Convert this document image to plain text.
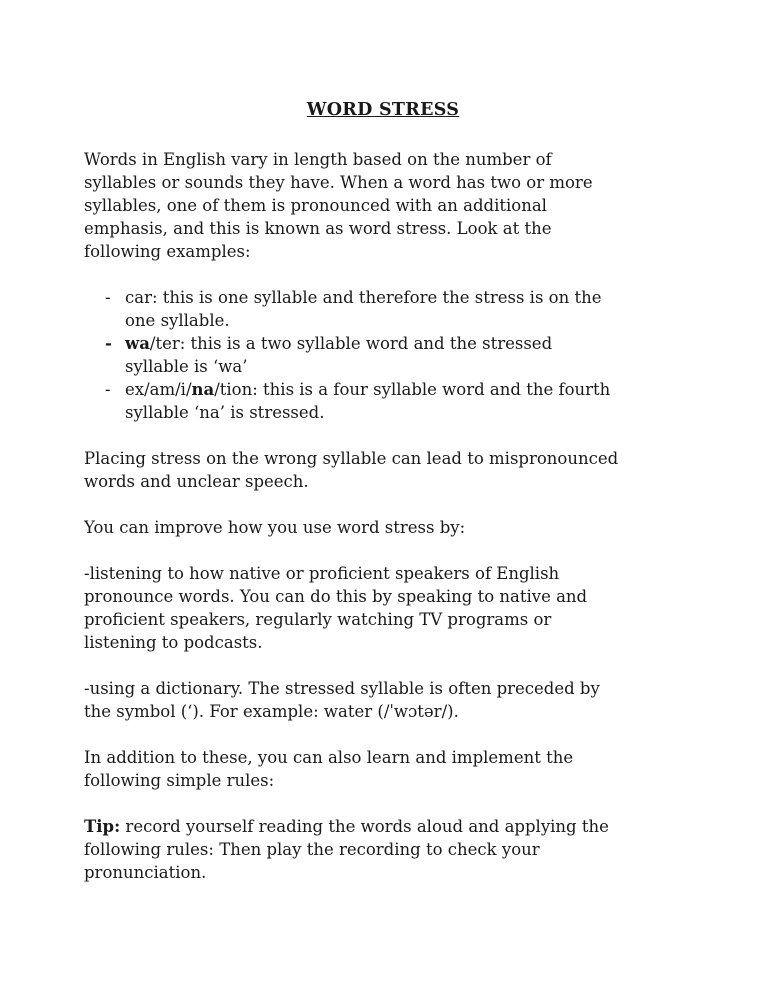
WORD STRESS

Words in English vary in length based on the number of syllables or sounds they have. When a word has two or more syllables, one of them is pronounced with an additional emphasis, and this is known as word stress. Look at the following examples:

- car: this is one syllable and therefore the stress is on the one syllable.
- wa/ter: this is a two syllable word and the stressed syllable is ‘wa’
- ex/am/i/na/tion: this is a four syllable word and the fourth syllable ‘na’ is stressed.

Placing stress on the wrong syllable can lead to mispronounced words and unclear speech.

You can improve how you use word stress by:

-listening to how native or proficient speakers of English pronounce words. You can do this by speaking to native and proficient speakers, regularly watching TV programs or listening to podcasts.

-using a dictionary. The stressed syllable is often preceded by the symbol (‘). For example: water (/ˈwɔtər/).

In addition to these, you can also learn and implement the following simple rules:

Tip: record yourself reading the words aloud and applying the following rules: Then play the recording to check your pronunciation.
